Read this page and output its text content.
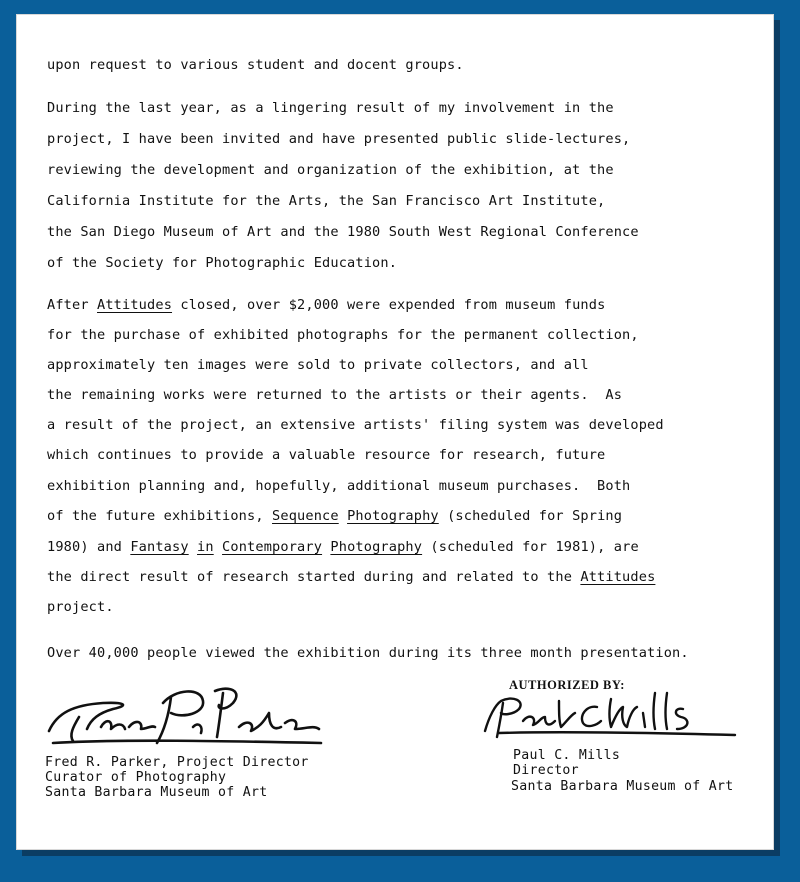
upon request to various student and docent groups.
During the last year, as a lingering result of my involvement in the
project, I have been invited and have presented public slide-lectures,
reviewing the development and organization of the exhibition, at the
California Institute for the Arts, the San Francisco Art Institute,
the San Diego Museum of Art and the 1980 South West Regional Conference
of the Society for Photographic Education.
After Attitudes closed, over $2,000 were expended from museum funds
for the purchase of exhibited photographs for the permanent collection,
approximately ten images were sold to private collectors, and all
the remaining works were returned to the artists or their agents.  As
a result of the project, an extensive artists' filing system was developed
which continues to provide a valuable resource for research, future
exhibition planning and, hopefully, additional museum purchases.  Both
of the future exhibitions, Sequence Photography (scheduled for Spring
1980) and Fantasy in Contemporary Photography (scheduled for 1981), are
the direct result of research started during and related to the Attitudes
project.
Over 40,000 people viewed the exhibition during its three month presentation.
Fred R. Parker, Project Director
Curator of Photography
Santa Barbara Museum of Art
AUTHORIZED BY:
Paul C. Mills
Director
Santa Barbara Museum of Art
